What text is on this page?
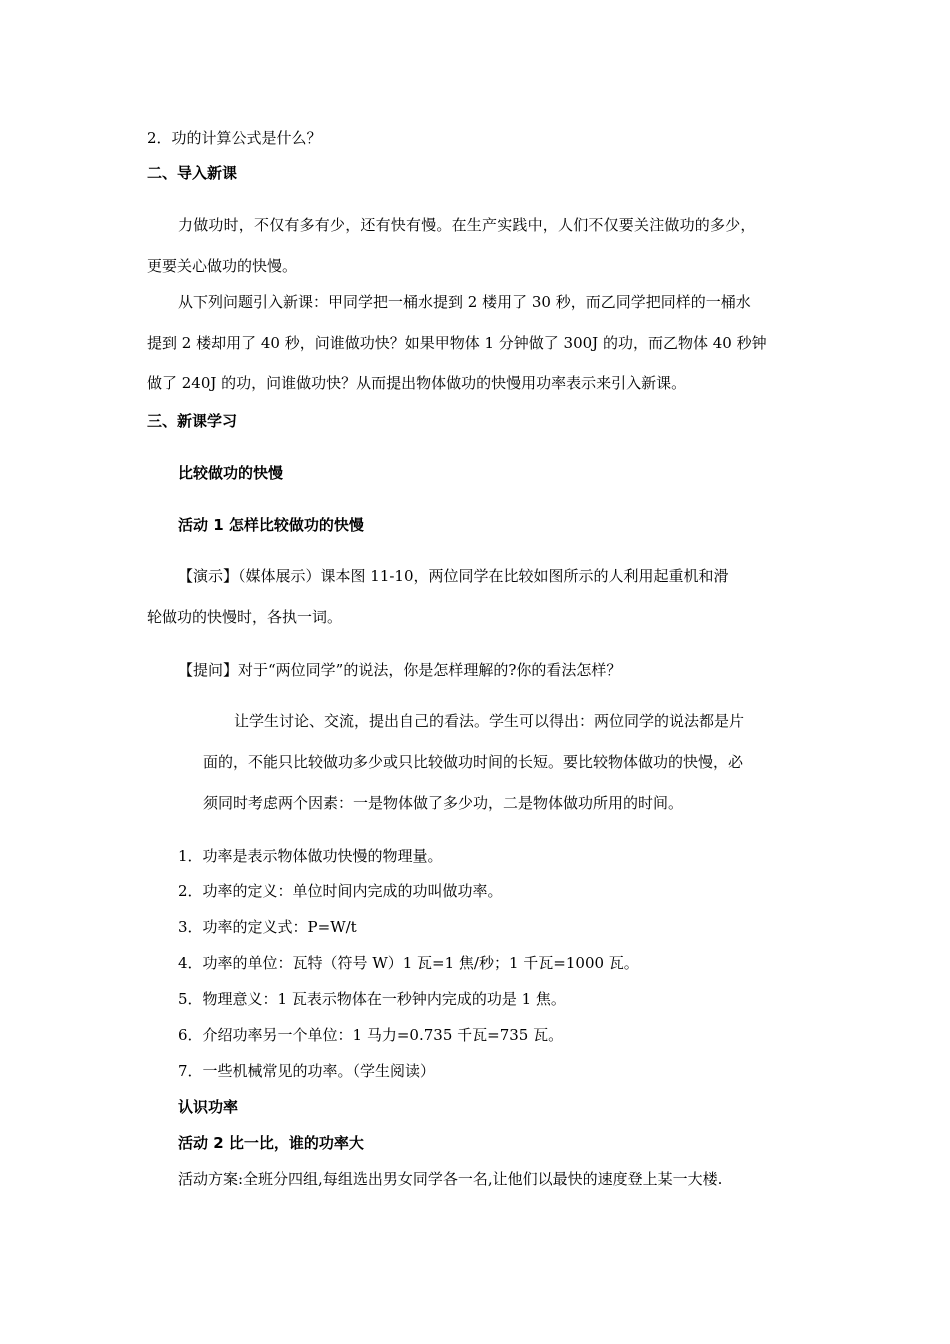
2．功的计算公式是什么？
二、导入新课
力做功时，不仅有多有少，还有快有慢。在生产实践中，人们不仅要关注做功的多少，
更要关心做功的快慢。
从下列问题引入新课：甲同学把一桶水提到 2 楼用了 30 秒，而乙同学把同样的一桶水
提到 2 楼却用了 40 秒，问谁做功快？如果甲物体 1 分钟做了 300J 的功，而乙物体 40 秒钟
做了 240J 的功，问谁做功快？从而提出物体做功的快慢用功率表示来引入新课。
三、新课学习
比较做功的快慢
活动 1 怎样比较做功的快慢
【演示】（媒体展示）课本图 11-10，两位同学在比较如图所示的人利用起重机和滑
轮做功的快慢时，各执一词。
【提问】对于“两位同学”的说法，你是怎样理解的?你的看法怎样？
让学生讨论、交流，提出自己的看法。学生可以得出：两位同学的说法都是片
面的，不能只比较做功多少或只比较做功时间的长短。要比较物体做功的快慢，必
须同时考虑两个因素：一是物体做了多少功，二是物体做功所用的时间。
1．功率是表示物体做功快慢的物理量。
2．功率的定义：单位时间内完成的功叫做功率。
3．功率的定义式：P=W/t
4．功率的单位：瓦特（符号 W）1 瓦=1 焦/秒；1 千瓦=1000 瓦。
5．物理意义：1 瓦表示物体在一秒钟内完成的功是 1 焦。
6．介绍功率另一个单位：1 马力=0.735 千瓦=735 瓦。
7．一些机械常见的功率。（学生阅读）
认识功率
活动 2 比一比，谁的功率大
活动方案:全班分四组,每组选出男女同学各一名,让他们以最快的速度登上某一大楼.
